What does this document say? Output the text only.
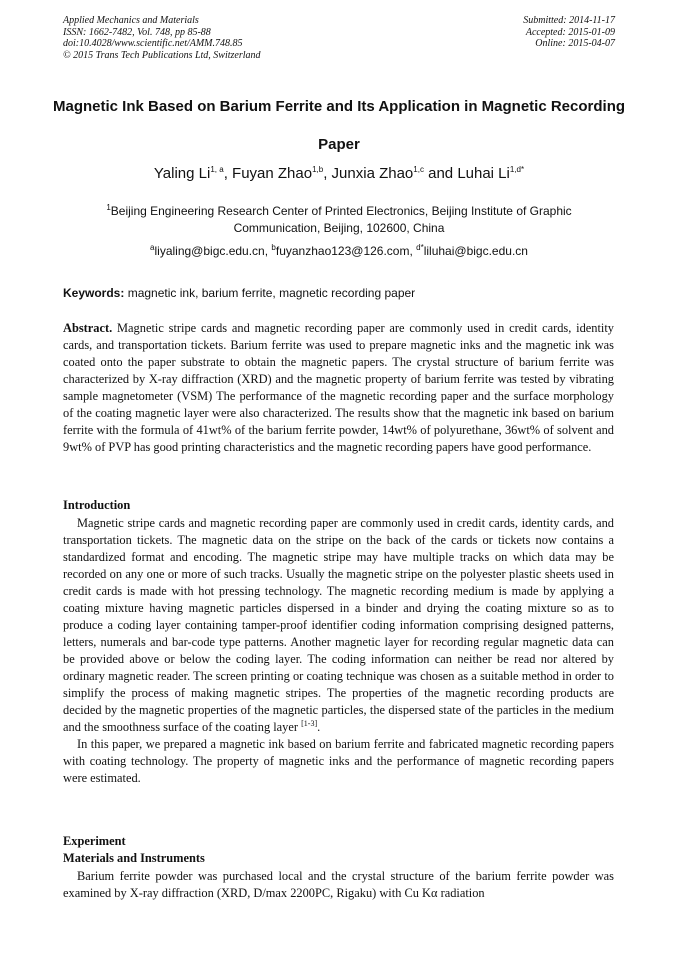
Applied Mechanics and Materials
ISSN: 1662-7482, Vol. 748, pp 85-88
doi:10.4028/www.scientific.net/AMM.748.85
© 2015 Trans Tech Publications Ltd, Switzerland
Submitted: 2014-11-17
Accepted: 2015-01-09
Online: 2015-04-07
Magnetic Ink Based on Barium Ferrite and Its Application in Magnetic Recording Paper
Yaling Li$^{1, a}$, Fuyan Zhao$^{1,b}$, Junxia Zhao$^{1,c}$ and Luhai $Li^{1,d*}$
$^1$Beijing Engineering Research Center of Printed Electronics, Beijing Institute of Graphic Communication, Beijing, 102600, China
$^a$liyaling@bigc.edu.cn, $^b$fuyanzhao123@126.com, $^{d*}$liluhai@bigc.edu.cn
Keywords: magnetic ink, barium ferrite, magnetic recording paper

Abstract. Magnetic stripe cards and magnetic recording paper are commonly used in credit cards, identity cards, and transportation tickets. Barium ferrite was used to prepare magnetic inks and the magnetic ink was coated onto the paper substrate to obtain the magnetic papers. The crystal structure of barium ferrite was characterized by X-ray diffraction (XRD) and the magnetic property of barium ferrite was tested by vibrating sample magnetometer (VSM) The performance of the magnetic recording paper and the surface morphology of the coating magnetic layer were also characterized. The results show that the magnetic ink based on barium ferrite with the formula of 41wt% of the barium ferrite powder, 14wt% of polyurethane, 36wt% of solvent and 9wt% of PVP has good printing characteristics and the magnetic recording papers have good performance.

Introduction

Magnetic stripe cards and magnetic recording paper are commonly used in credit cards, identity cards, and transportation tickets. The magnetic data on the stripe on the back of the cards or tickets now contains a standardized format and encoding. The magnetic stripe may have multiple tracks on which data may be recorded on any one or more of such tracks. Usually the magnetic stripe on the polyester plastic sheets used in credit cards is made with hot pressing technology. The magnetic recording medium is made by applying a coating mixture having magnetic particles dispersed in a binder and drying the coating mixture so as to produce a coding layer containing tamper-proof identifier coding information comprising designed patterns, letters, numerals and bar-code type patterns. Another magnetic layer for recording regular magnetic data can be provided above or below the coding layer. The coding information can neither be read nor altered by ordinary magnetic reader. The screen printing or coating technique was chosen as a suitable method in order to simplify the process of making magnetic stripes. The properties of the magnetic recording products are decided by the magnetic properties of the magnetic particles, the dispersed state of the particles in the medium and the smoothness surface of the coating layer [1-3].

In this paper, we prepared a magnetic ink based on barium ferrite and fabricated magnetic recording papers with coating technology. The property of magnetic inks and the performance of magnetic recording papers were estimated.

Experiment
Materials and Instruments

Barium ferrite powder was purchased local and the crystal structure of the barium ferrite powder was examined by X-ray diffraction (XRD, D/max 2200PC, Rigaku) with Cu Kα radiation
